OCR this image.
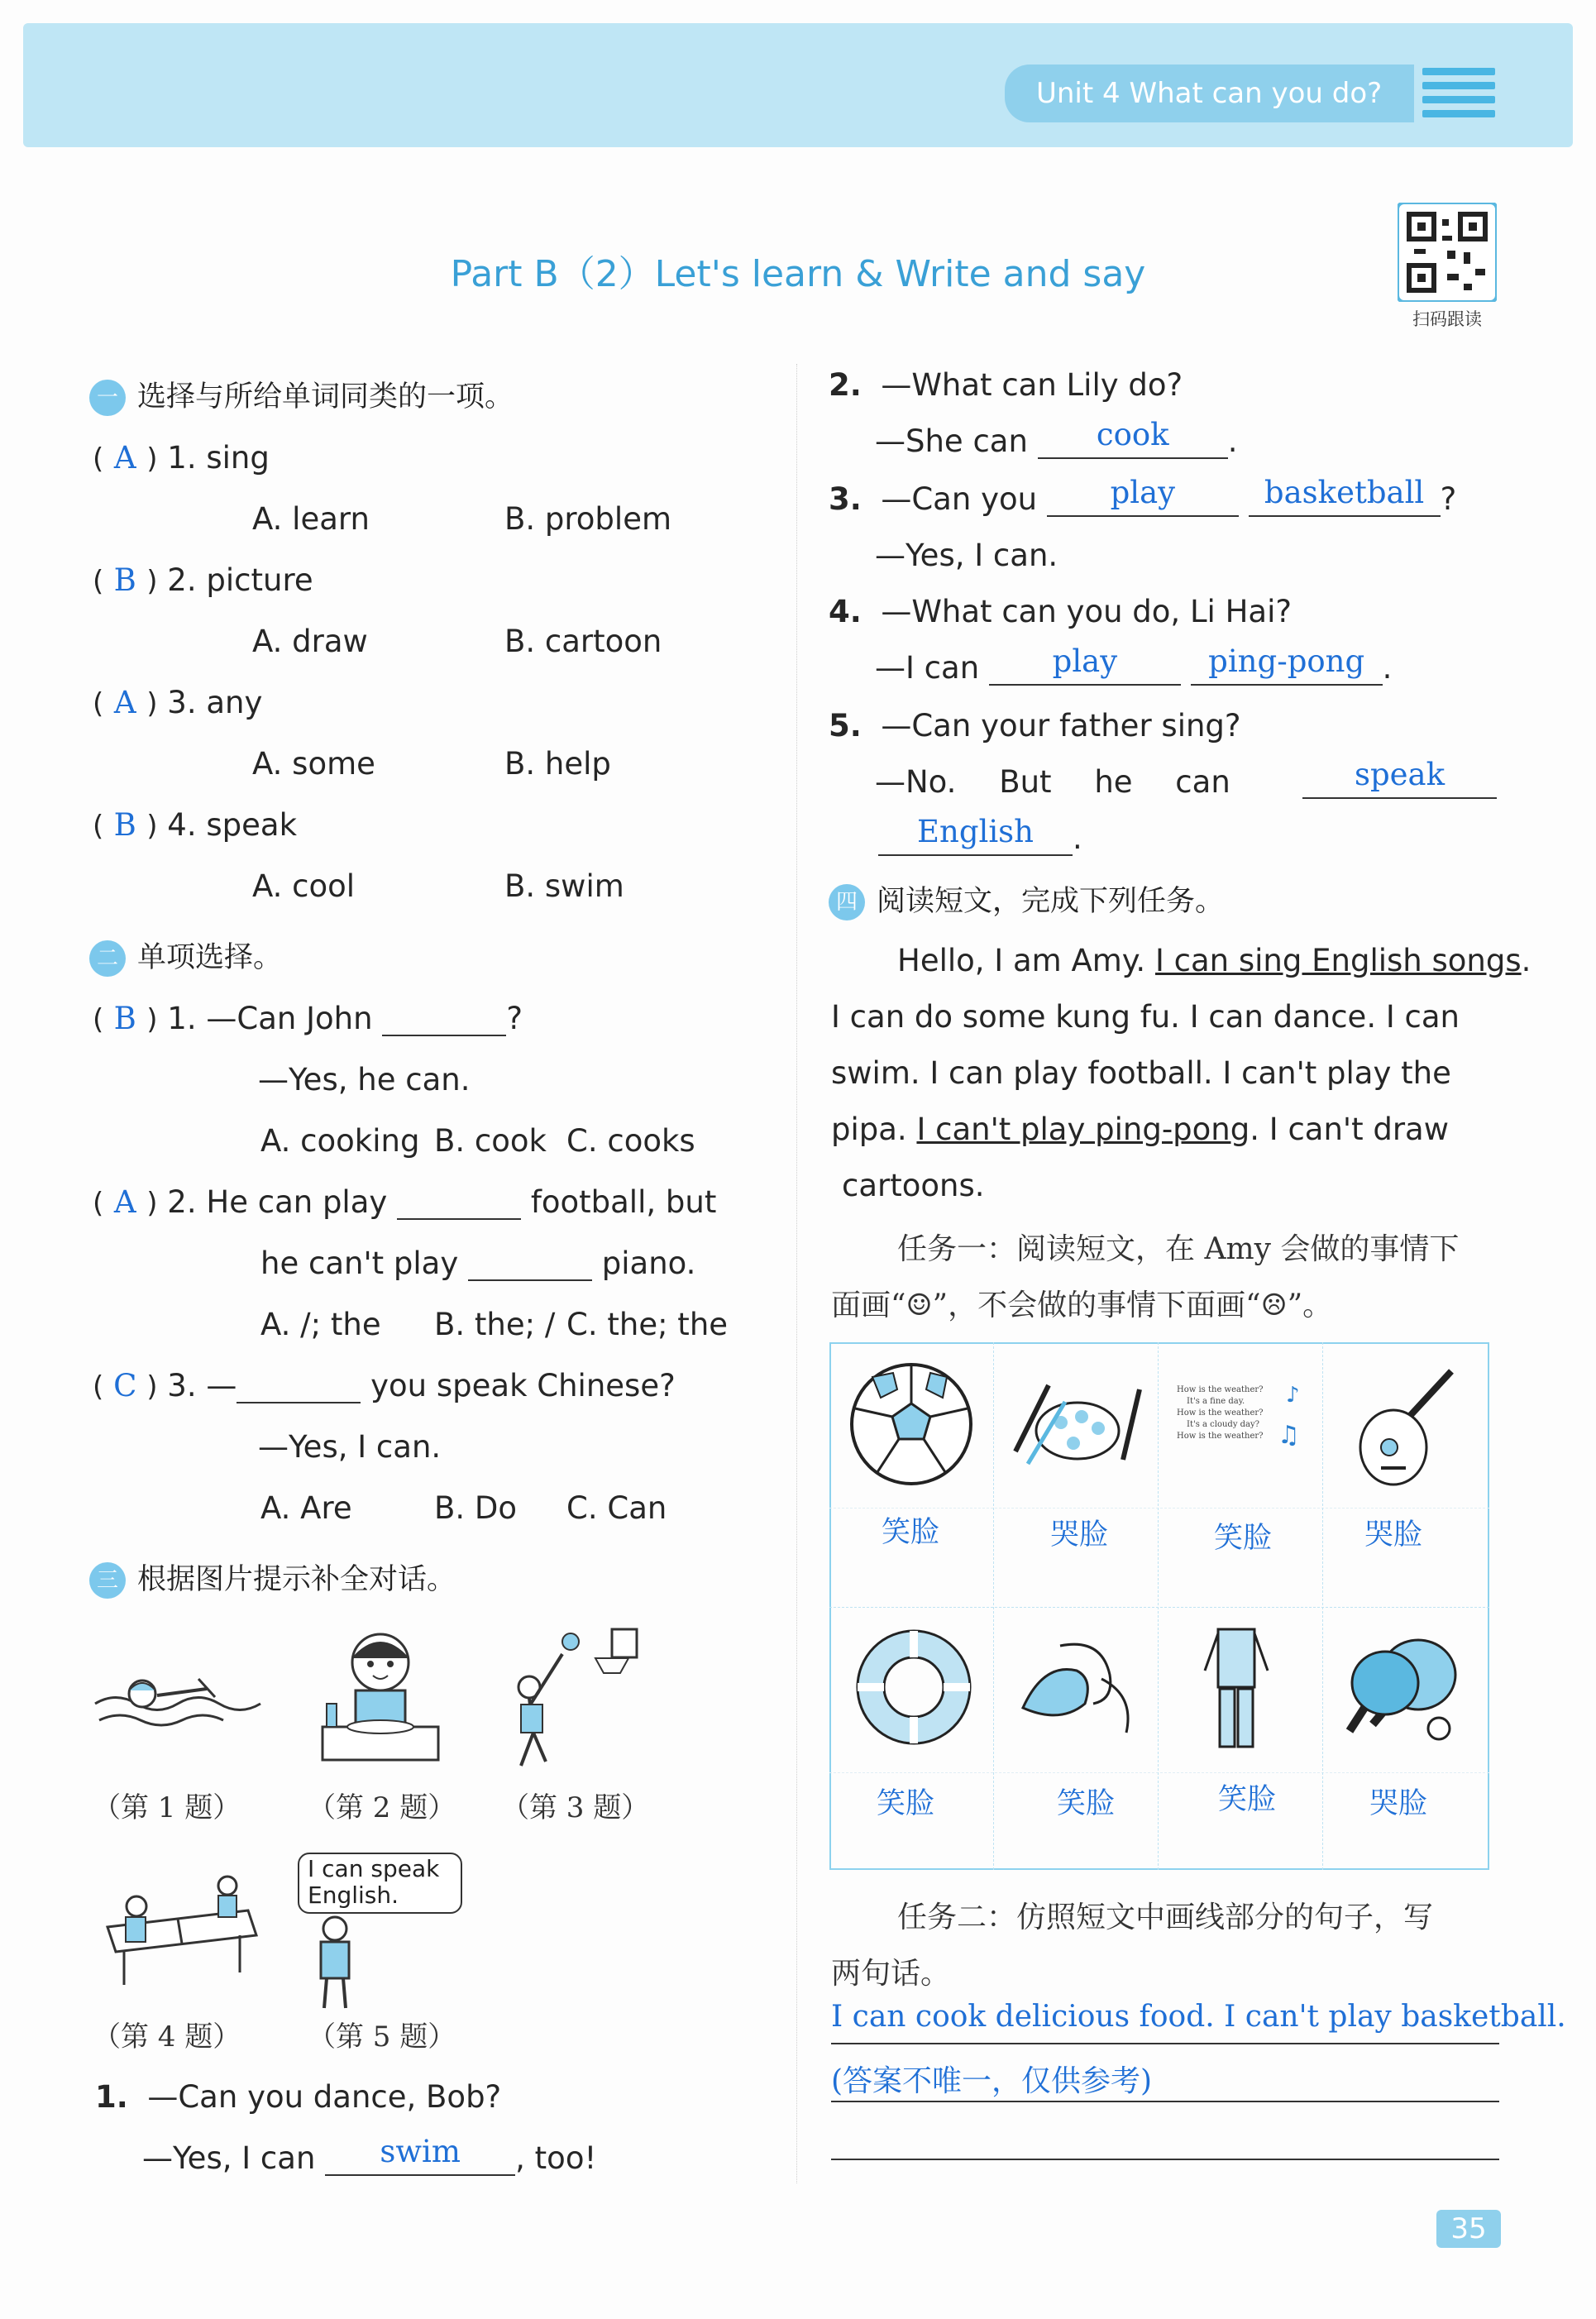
Unit 4 What can you do?
Part B（2）Let's learn & Write and say
扫码跟读
一 选择与所给单词同类的一项。
( A ) 1. sing
A. learn	B. problem
( B ) 2. picture
A. draw	B. cartoon
( A ) 3. any
A. some	B. help
( B ) 4. speak
A. cool	B. swim
二 单项选择。
( B ) 1. —Can John	?
—Yes, he can.
A. cooking B. cook C. cooks
( A ) 2. He can play	football, but
he can't play	piano.
A. /; the B. the; / C. the; the
( C ) 3. —	you speak Chinese?
—Yes, I can.
A. Are	B. Do C. Can
三 根据图片提示补全对话。
（第 1 题） （第 2 题） （第 3 题）
（第 4 题）
I can speak English.
（第 5 题）
1. —Can you dance, Bob?
—Yes, I can	swim	, too!
2. —What can Lily do?
—She can	cook	.
3. —Can you	play
	basketball ?
—Yes, I can.
4. —What can you do, Li Hai?
—I can	play
	ping-pong .
5. —Can your father sing?
—No. But he can	speak
English	.
四 阅读短文，完成下列任务。
Hello, I am Amy. I can sing English songs.
I can do some kung fu. I can dance. I can
swim. I can play football. I can't play the
pipa. I can't play ping-pong. I can't draw
cartoons.
任务一：阅读短文，在 Amy 会做的事情下
面画“☺”，不会做的事情下面画“☹”。
How is the weather?
It's a fine day.
How is the weather?
It's a cloudy day?
How is the weather?
♪
♫
笑脸	哭脸	笑脸	哭脸
笑脸	笑脸	笑脸	哭脸
任务二：仿照短文中画线部分的句子，写
两句话。
I can cook delicious food. I can't play basketball.
(答案不唯一，仅供参考)
35
